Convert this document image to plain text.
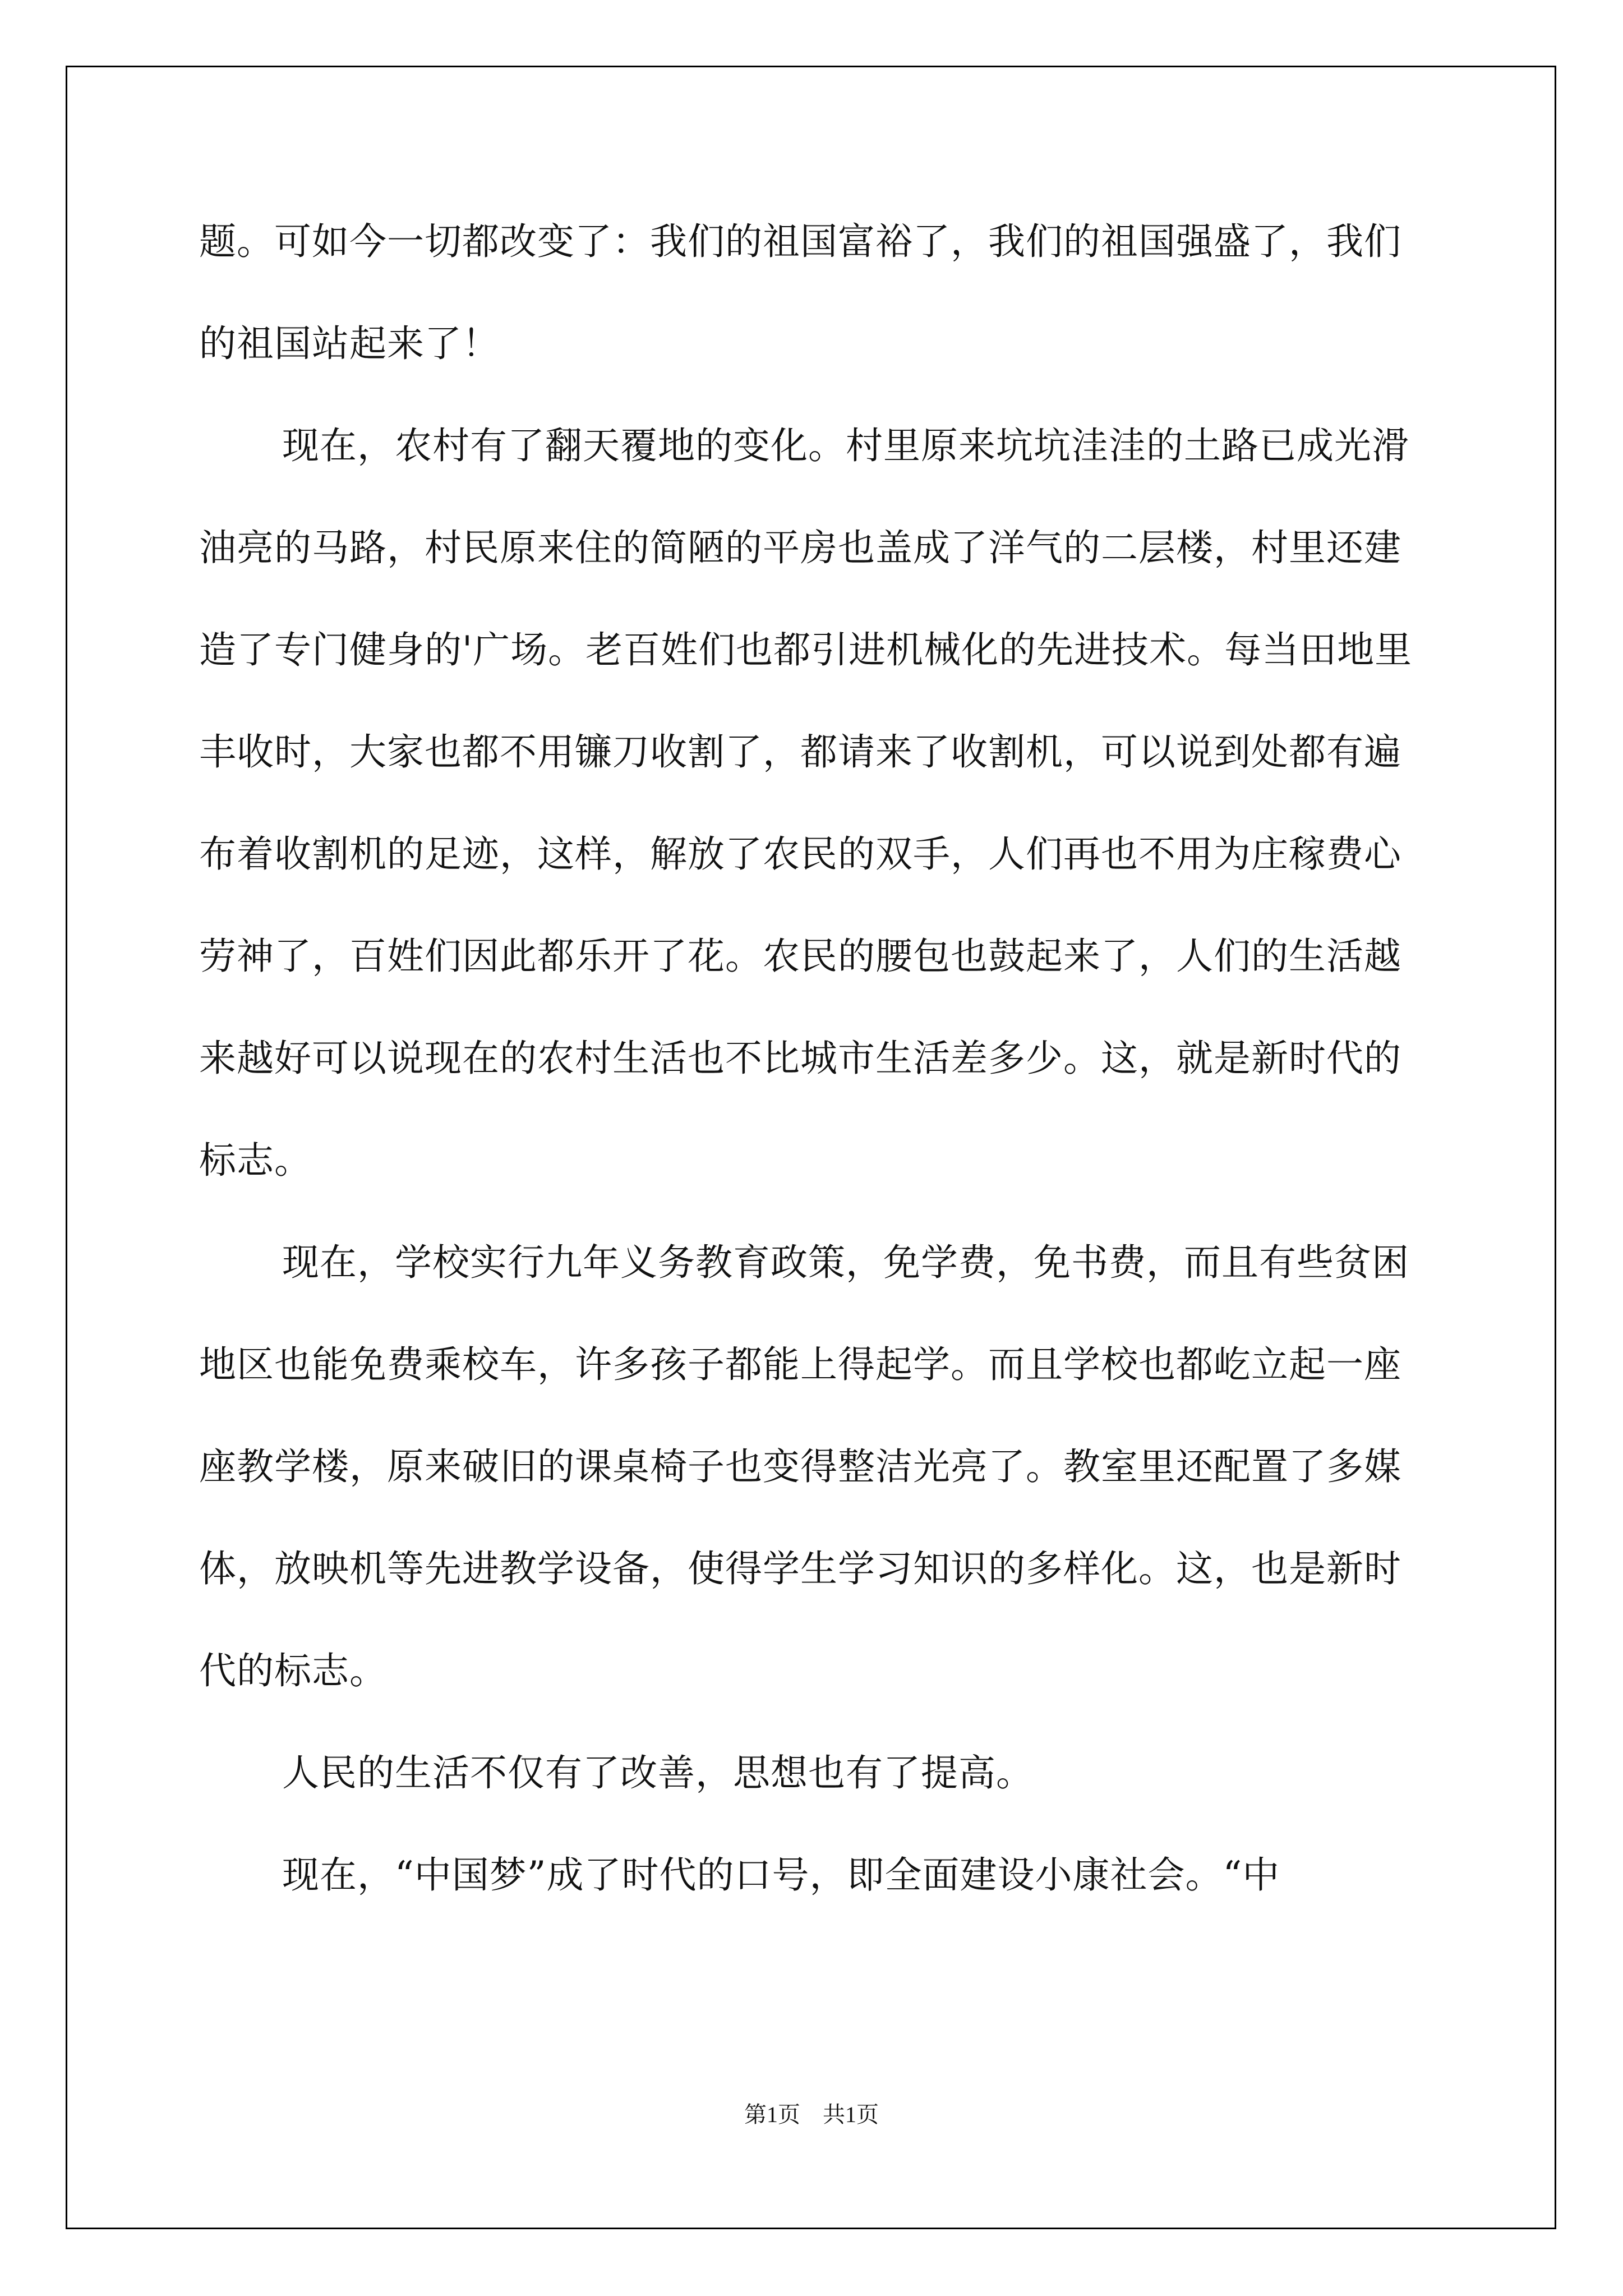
题。可如今一切都改变了：我们的祖国富裕了，我们的祖国强盛了，我们的祖国站起来了！

现在，农村有了翻天覆地的变化。村里原来坑坑洼洼的土路已成光滑油亮的马路，村民原来住的简陋的平房也盖成了洋气的二层楼，村里还建造了专门健身的'广场。老百姓们也都引进机械化的先进技术。每当田地里丰收时，大家也都不用镰刀收割了，都请来了收割机，可以说到处都有遍布着收割机的足迹，这样，解放了农民的双手，人们再也不用为庄稼费心劳神了，百姓们因此都乐开了花。农民的腰包也鼓起来了，人们的生活越来越好可以说现在的农村生活也不比城市生活差多少。这，就是新时代的标志。

现在，学校实行九年义务教育政策，免学费，免书费，而且有些贫困地区也能免费乘校车，许多孩子都能上得起学。而且学校也都屹立起一座座教学楼，原来破旧的课桌椅子也变得整洁光亮了。教室里还配置了多媒体，放映机等先进教学设备，使得学生学习知识的多样化。这，也是新时代的标志。

人民的生活不仅有了改善，思想也有了提高。

现在，“中国梦”成了时代的口号，即全面建设小康社会。“中

第1页 共1页
